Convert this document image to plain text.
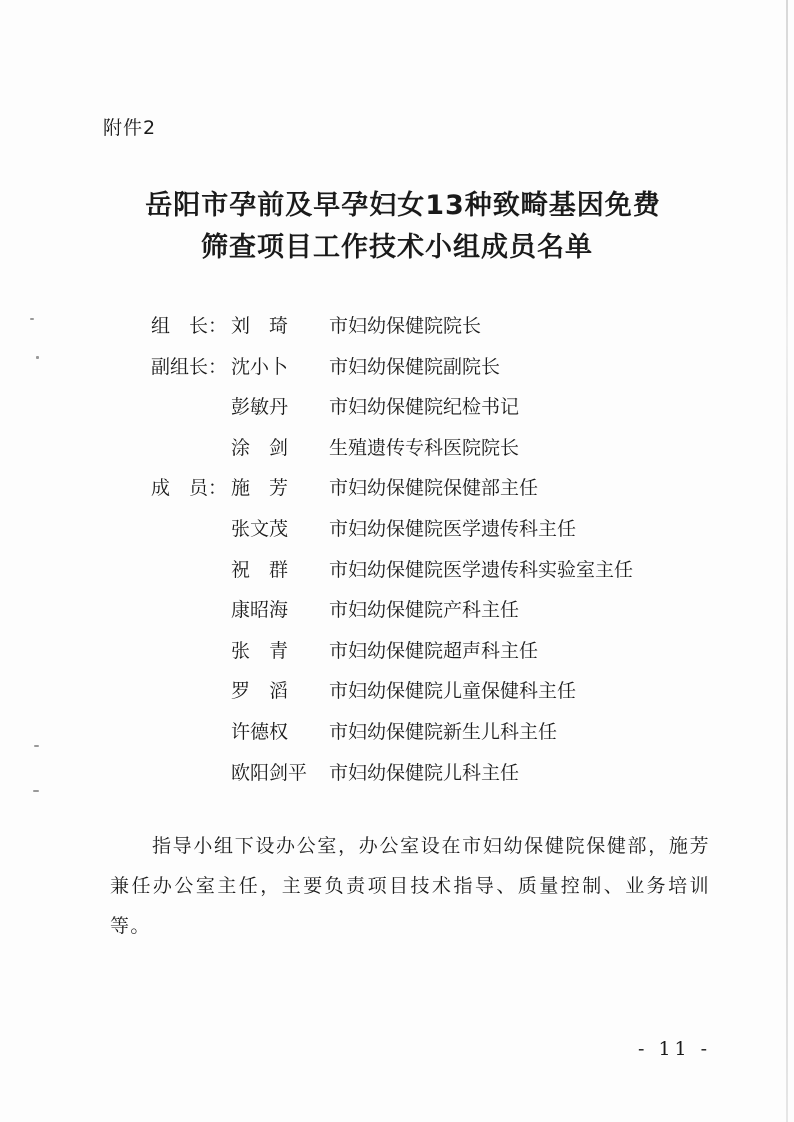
附件2
岳阳市孕前及早孕妇女13种致畸基因免费
筛查项目工作技术小组成员名单
组　长： 刘　琦	市妇幼保健院院长
副组长： 沈小卜	市妇幼保健院副院长
彭敏丹	市妇幼保健院纪检书记
涂　剑	生殖遗传专科医院院长
成　员： 施　芳	市妇幼保健院保健部主任
张文茂	市妇幼保健院医学遗传科主任
祝　群	市妇幼保健院医学遗传科实验室主任
康昭海	市妇幼保健院产科主任
张　青	市妇幼保健院超声科主任
罗　滔	市妇幼保健院儿童保健科主任
许德权	市妇幼保健院新生儿科主任
欧阳剑平	市妇幼保健院儿科主任
指导小组下设办公室，办公室设在市妇幼保健院保健部，施芳兼任办公室主任，主要负责项目技术指导、质量控制、业务培训等。
- 11 -
